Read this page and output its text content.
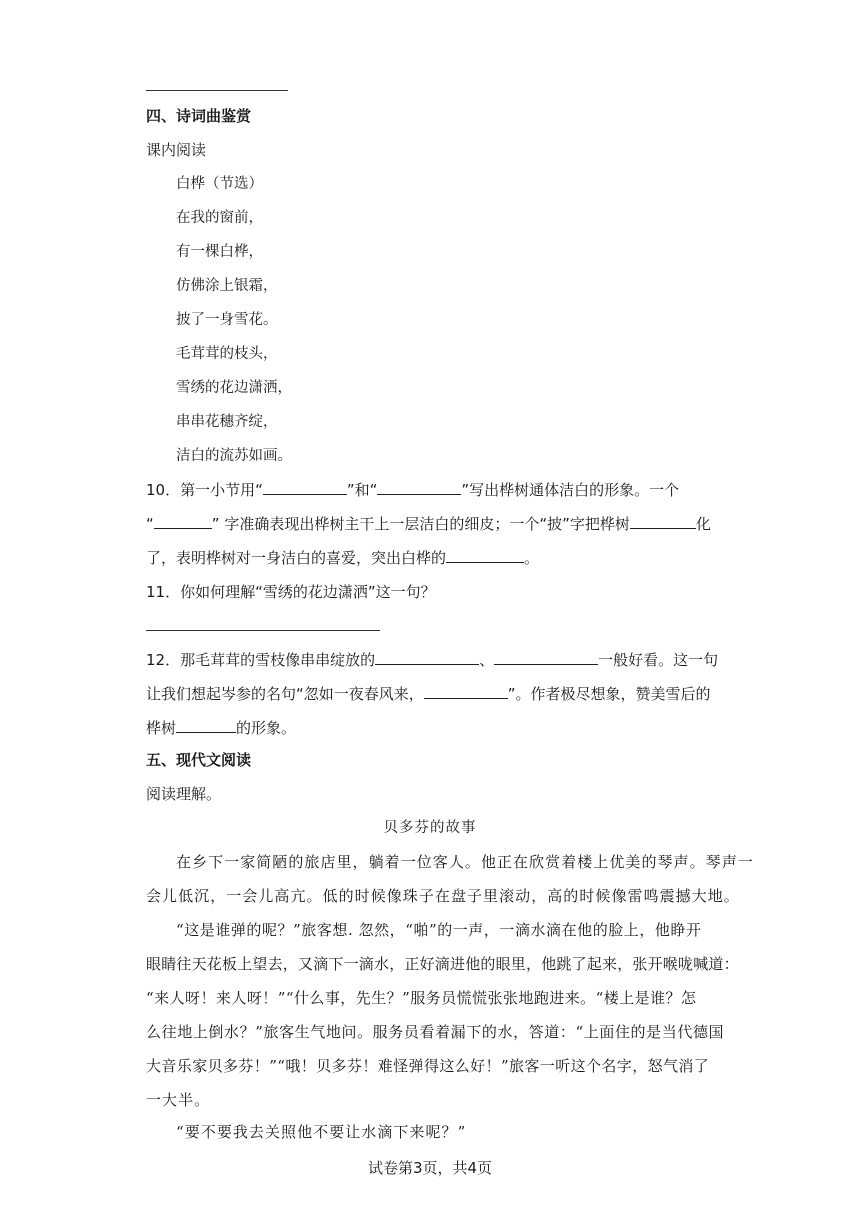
四、诗词曲鉴赏
课内阅读
白桦（节选）
在我的窗前，
有一棵白桦，
仿佛涂上银霜，
披了一身雪花。
毛茸茸的枝头，
雪绣的花边潇洒，
串串花穗齐绽，
洁白的流苏如画。
10．第一小节用“	”和“	”写出桦树通体洁白的形象。一个
“	” 字准确表现出桦树主干上一层洁白的细皮；一个“披”字把桦树	化
了，表明桦树对一身洁白的喜爱，突出白桦的	。
11．你如何理解“雪绣的花边潇洒”这一句？
12．那毛茸茸的雪枝像串串绽放的	、	一般好看。这一句
让我们想起岑参的名句“忽如一夜春风来，	”。作者极尽想象，赞美雪后的
桦树	的形象。
五、现代文阅读
阅读理解。
贝多芬的故事
在乡下一家简陋的旅店里，躺着一位客人。他正在欣赏着楼上优美的琴声。琴声一
会儿低沉，一会儿高亢。低的时候像珠子在盘子里滚动，高的时候像雷鸣震撼大地。
“这是谁弹的呢？”旅客想. 忽然，“啪”的一声，一滴水滴在他的脸上，他睁开
眼睛往天花板上望去，又滴下一滴水，正好滴进他的眼里，他跳了起来，张开喉咙喊道：
“来人呀！来人呀！”“什么事，先生？”服务员慌慌张张地跑进来。“楼上是谁？怎
么往地上倒水？”旅客生气地问。服务员看着漏下的水，答道：“上面住的是当代德国
大音乐家贝多芬！”“哦！贝多芬！难怪弹得这么好！”旅客一听这个名字，怒气消了
一大半。
“要不要我去关照他不要让水滴下来呢？”
试卷第3页，共4页
